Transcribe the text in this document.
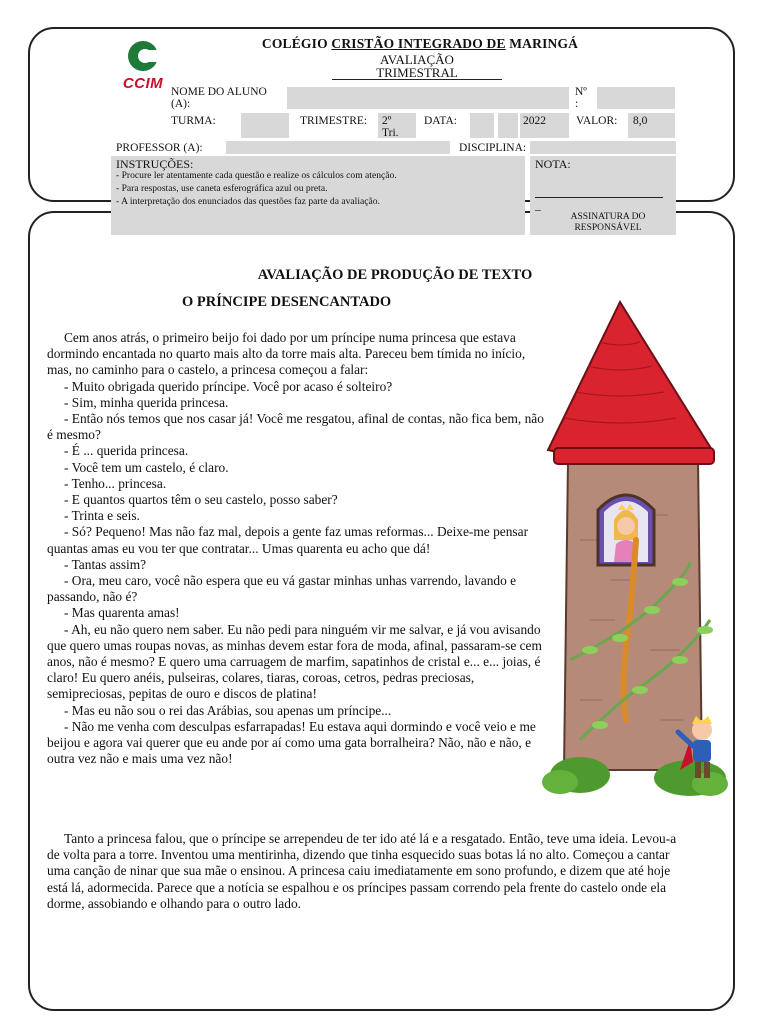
CCIM
COLÉGIO CRISTÃO INTEGRADO DE MARINGÁ
AVALIAÇÃO
TRIMESTRAL
NOME DO ALUNO (A):
Nº :
TURMA:	TRIMESTRE: 2º Tri.
DATA:	2022	VALOR: 8,0
PROFESSOR (A):	DISCIPLINA:
INSTRUÇÕES:
- Procure ler atentamente cada questão e realize os cálculos com atenção.
- Para respostas, use caneta esferográfica azul ou preta.
- A interpretação dos enunciados das questões faz parte da avaliação.
NOTA:
_
ASSINATURA DO RESPONSÁVEL
AVALIAÇÃO DE PRODUÇÃO DE TEXTO
O PRÍNCIPE DESENCANTADO

Cem anos atrás, o primeiro beijo foi dado por um príncipe numa princesa que estava dormindo encantada no quarto mais alto da torre mais alta. Pareceu bem tímida no início, mas, no caminho para o castelo, a princesa começou a falar:

- Muito obrigada querido príncipe. Você por acaso é solteiro?

- Sim, minha querida princesa.

- Então nós temos que nos casar já! Você me resgatou, afinal de contas, não fica bem, não é mesmo?

- É ... querida princesa.

- Você tem um castelo, é claro.

- Tenho... princesa.

- E quantos quartos têm o seu castelo, posso saber?

- Trinta e seis.

- Só? Pequeno! Mas não faz mal, depois a gente faz umas reformas... Deixe-me pensar quantas amas eu vou ter que contratar... Umas quarenta eu acho que dá!

- Tantas assim?

- Ora, meu caro, você não espera que eu vá gastar minhas unhas varrendo, lavando e passando, não é?

- Mas quarenta amas!

- Ah, eu não quero nem saber. Eu não pedi para ninguém vir me salvar, e já vou avisando que quero umas roupas novas, as minhas devem estar fora de moda, afinal, passaram-se cem anos, não é mesmo? E quero uma carruagem de marfim, sapatinhos de cristal e... e... joias, é claro! Eu quero anéis, pulseiras, colares, tiaras, coroas, cetros, pedras preciosas, semipreciosas, pepitas de ouro e discos de platina!

- Mas eu não sou o rei das Arábias, sou apenas um príncipe...

- Não me venha com desculpas esfarrapadas! Eu estava aqui dormindo e você veio e me beijou e agora vai querer que eu ande por aí como uma gata borralheira? Não, não e não, e outra vez não e mais uma vez não!

Tanto a princesa falou, que o príncipe se arrependeu de ter ido até lá e a resgatado. Então, teve uma ideia. Levou-a de volta para a torre. Inventou uma mentirinha, dizendo que tinha esquecido suas botas lá no alto. Começou a cantar uma canção de ninar que sua mãe o ensinou. A princesa caiu imediatamente em sono profundo, e dizem que até hoje está lá, adormecida. Parece que a notícia se espalhou e os príncipes passam correndo pela frente do castelo onde ela dorme, assobiando e olhando para o outro lado.
